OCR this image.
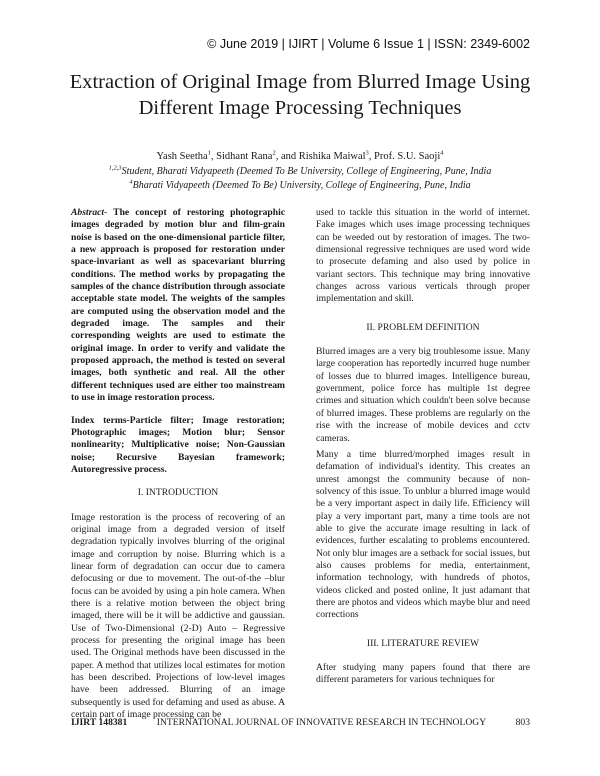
© June 2019 | IJIRT | Volume 6 Issue 1 | ISSN: 2349-6002
Extraction of Original Image from Blurred Image Using
Different Image Processing Techniques
Yash Seetha$^1$, Sidhant Rana$^2$, and Rishika Maiwal$^3$, Prof. S.U. Saoji$^4$
$^{1,2,3}$Student, Bharati Vidyapeeth (Deemed To Be University, College of Engineering, Pune, India
$^4$Bharati Vidyapeeth (Deemed To Be) University, College of Engineering, Pune, India

Abstract- The concept of restoring photographic images degraded by motion blur and film-grain noise is based on the one-dimensional particle filter, a new approach is proposed for restoration under space-invariant as well as spacevariant blurring conditions. The method works by propagating the samples of the chance distribution through associate acceptable state model. The weights of the samples are computed using the observation model and the degraded image. The samples and their corresponding weights are used to estimate the original image. In order to verify and validate the proposed approach, the method is tested on several images, both synthetic and real. All the other different techniques used are either too mainstream to use in image restoration process.

Index terms-Particle filter; Image restoration; Photographic images; Motion blur; Sensor nonlinearity; Multiplicative noise; Non-Gaussian noise; Recursive Bayesian framework; Autoregressive process.

I. INTRODUCTION

Image restoration is the process of recovering of an original image from a degraded version of itself degradation typically involves blurring of the original image and corruption by noise. Blurring which is a linear form of degradation can occur due to camera defocusing or due to movement. The out-of-the –blur focus can be avoided by using a pin hole camera. When there is a relative motion between the object bring imaged, there will be it will be addictive and gaussian. Use of Two-Dimensional (2-D) Auto – Regressive process for presenting the original image has been used. The Original methods have been discussed in the paper. A method that utilizes local estimates for motion has been described. Projections of low-level images have been addressed. Blurring of an image subsequently is used for defaming and used as abuse. A certain part of image processing can be

used to tackle this situation in the world of internet. Fake images which uses image processing techniques can be weeded out by restoration of images. The two-dimensional regressive techniques are used word wide to prosecute defaming and also used by police in variant sectors. This technique may bring innovative changes across various verticals through proper implementation and skill.

II. PROBLEM DEFINITION

Blurred images are a very big troublesome issue. Many large cooperation has reportedly incurred huge number of losses due to blurred images. Intelligence bureau, government, police force has multiple 1st degree crimes and situation which couldn't been solve because of blurred images. These problems are regularly on the rise with the increase of mobile devices and cctv cameras.

Many a time blurred/morphed images result in defamation of individual's identity. This creates an unrest amongst the community because of non-solvency of this issue. To unblur a blurred image would be a very important aspect in daily life. Efficiency will play a very important part, many a time tools are not able to give the accurate image resulting in lack of evidences, further escalating to problems encountered. Not only blur images are a setback for social issues, but also causes problems for media, entertainment, information technology, with hundreds of photos, videos clicked and posted online, It just adamant that there are photos and videos which maybe blur and need corrections

III. LITERATURE REVIEW

After studying many papers found that there are different parameters for various techniques for

IJIRT 148381	INTERNATIONAL JOURNAL OF INNOVATIVE RESEARCH IN TECHNOLOGY	803
